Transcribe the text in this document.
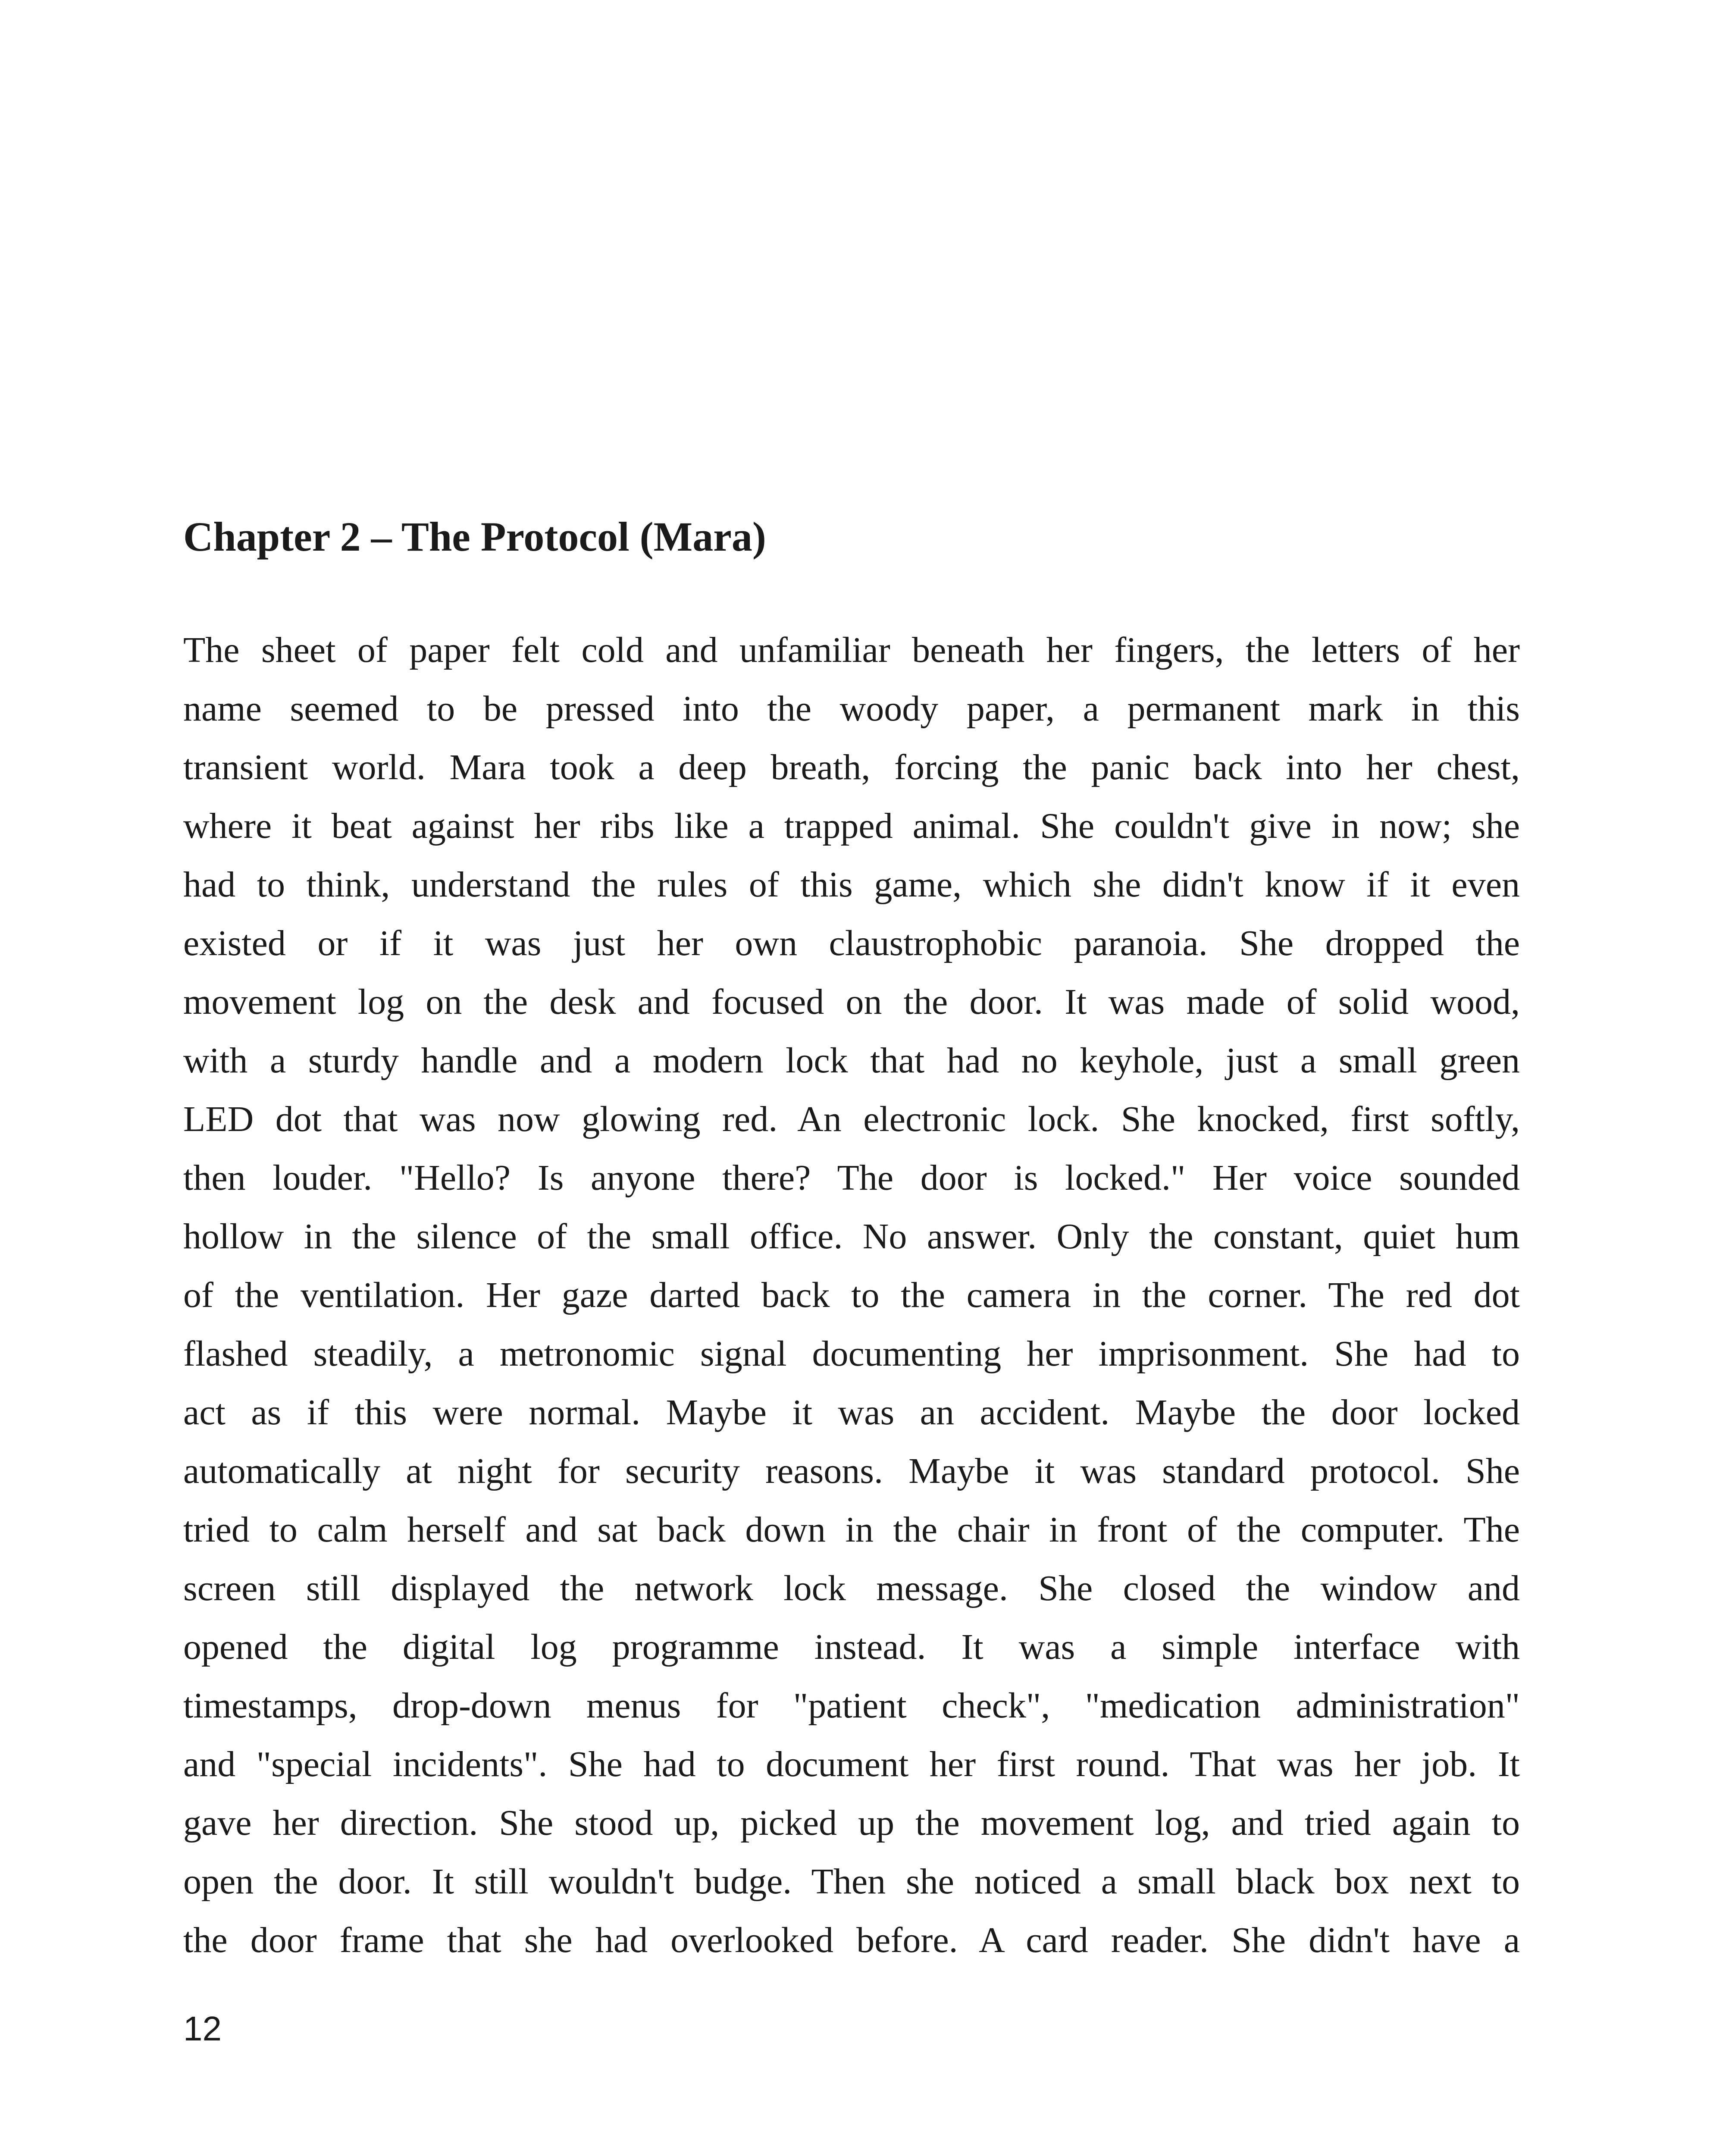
Chapter 2 – The Protocol (Mara)
The sheet of paper felt cold and unfamiliar beneath her fingers, the letters of her
name seemed to be pressed into the woody paper, a permanent mark in this
transient world. Mara took a deep breath, forcing the panic back into her chest,
where it beat against her ribs like a trapped animal. She couldn't give in now; she
had to think, understand the rules of this game, which she didn't know if it even
existed or if it was just her own claustrophobic paranoia. She dropped the
movement log on the desk and focused on the door. It was made of solid wood,
with a sturdy handle and a modern lock that had no keyhole, just a small green
LED dot that was now glowing red. An electronic lock. She knocked, first softly,
then louder. "Hello? Is anyone there? The door is locked." Her voice sounded
hollow in the silence of the small office. No answer. Only the constant, quiet hum
of the ventilation. Her gaze darted back to the camera in the corner. The red dot
flashed steadily, a metronomic signal documenting her imprisonment. She had to
act as if this were normal. Maybe it was an accident. Maybe the door locked
automatically at night for security reasons. Maybe it was standard protocol. She
tried to calm herself and sat back down in the chair in front of the computer. The
screen still displayed the network lock message. She closed the window and
opened the digital log programme instead. It was a simple interface with
timestamps, drop-down menus for "patient check", "medication administration"
and "special incidents". She had to document her first round. That was her job. It
gave her direction. She stood up, picked up the movement log, and tried again to
open the door. It still wouldn't budge. Then she noticed a small black box next to
the door frame that she had overlooked before. A card reader. She didn't have a
12
